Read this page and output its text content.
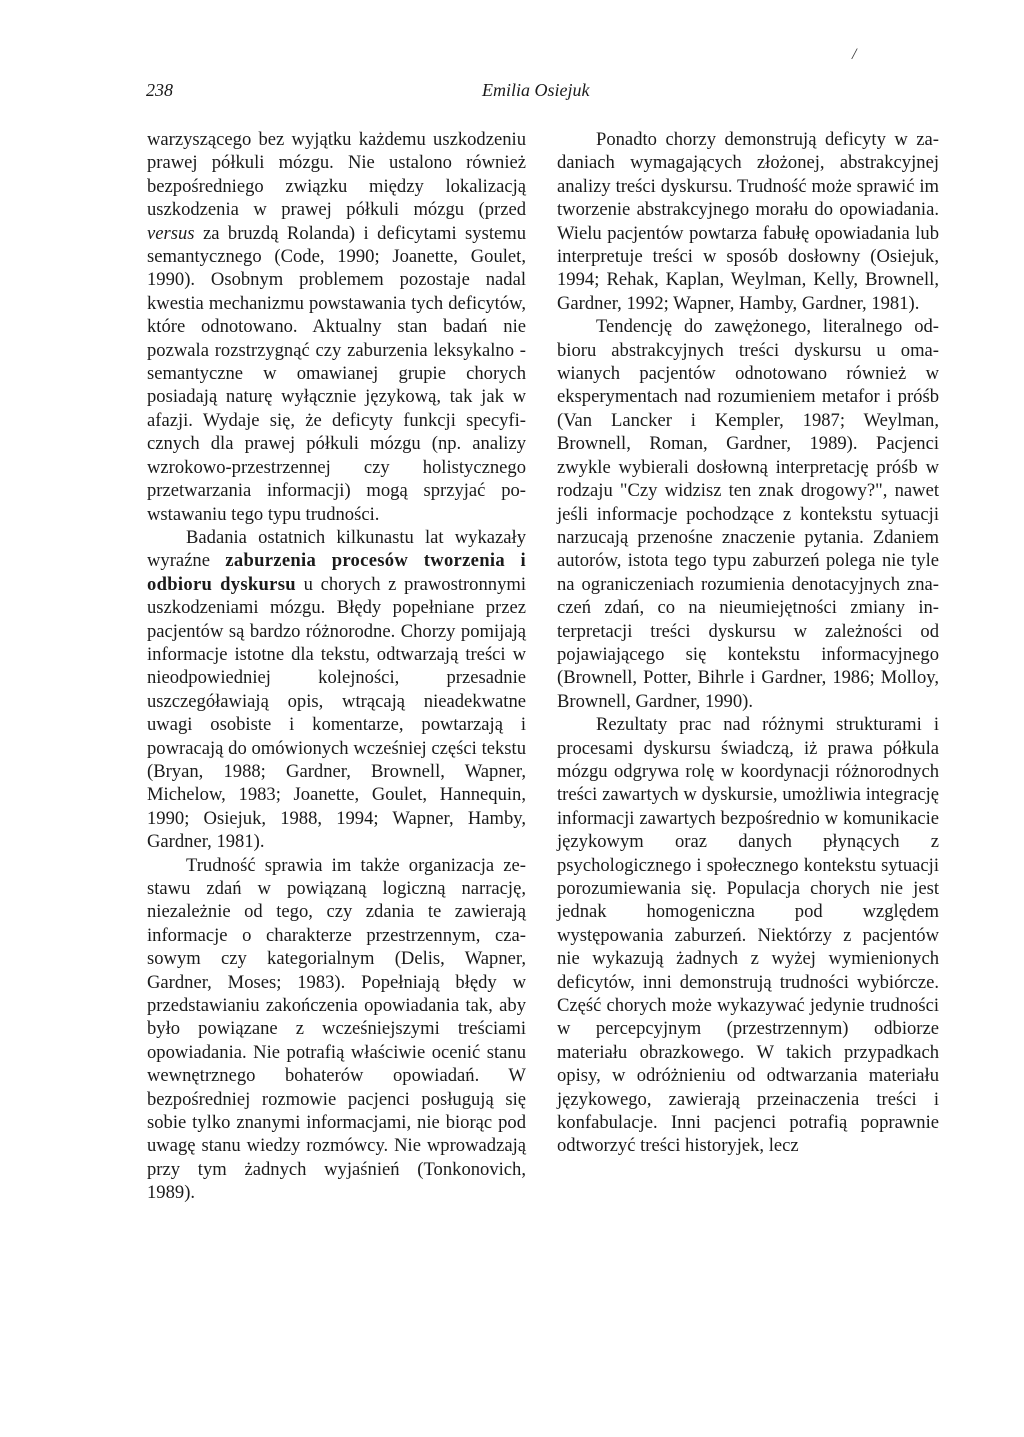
/
238	Emilia Osiejuk

warzyszącego bez wyjątku każdemu uszkodzeniu prawej półkuli mózgu. Nie ustalono również bezpośredniego związku między lokalizacją uszkodzenia w prawej półkuli mózgu (przed versus za bruzdą Rolanda) i deficytami systemu semantycznego (Code, 1990; Joanette, Goulet, 1990). Osobnym problemem pozostaje nadal kwestia mechanizmu powstawania tych deficytów, które odnotowano. Aktualny stan badań nie pozwala rozstrzygnąć czy zaburzenia leksykalno - semantyczne w omawianej grupie chorych posiadają naturę wyłącznie językową, tak jak w afazji. Wydaje się, że deficyty funkcji specyficznych dla prawej półkuli mózgu (np. analizy wzrokowo-przestrzennej czy holistycznego przetwarzania informacji) mogą sprzyjać powstawaniu tego typu trudności.

Badania ostatnich kilkunastu lat wykazały wyraźne zaburzenia procesów tworzenia i odbioru dyskursu u chorych z prawostronnymi uszkodzeniami mózgu. Błędy popełniane przez pacjentów są bardzo różnorodne. Chorzy pomijają informacje istotne dla tekstu, odtwarzają treści w nieodpowiedniej kolejności, przesadnie uszczegóławiają opis, wtrącają nieadekwatne uwagi osobiste i komentarze, powtarzają i powracają do omówionych wcześniej części tekstu (Bryan, 1988; Gardner, Brownell, Wapner, Michelow, 1983; Joanette, Goulet, Hannequin, 1990; Osiejuk, 1988, 1994; Wapner, Hamby, Gardner, 1981).

Trudność sprawia im także organizacja zestawu zdań w powiązaną logiczną narrację, niezależnie od tego, czy zdania te zawierają informacje o charakterze przestrzennym, czasowym czy kategorialnym (Delis, Wapner, Gardner, Moses; 1983). Popełniają błędy w przedstawianiu zakończenia opowiadania tak, aby było powiązane z wcześniejszymi treściami opowiadania. Nie potrafią właściwie ocenić stanu wewnętrznego bohaterów opowiadań. W bezpośredniej rozmowie pacjenci posługują się sobie tylko znanymi informacjami, nie biorąc pod uwagę stanu wiedzy rozmówcy. Nie wprowadzają przy tym żadnych wyjaśnień (Tonkonovich, 1989).

Ponadto chorzy demonstrują deficyty w zadaniach wymagających złożonej, abstrakcyjnej analizy treści dyskursu. Trudność może sprawić im tworzenie abstrakcyjnego morału do opowiadania. Wielu pacjentów powtarza fabułę opowiadania lub interpretuje treści w sposób dosłowny (Osiejuk, 1994; Rehak, Kaplan, Weylman, Kelly, Brownell, Gardner, 1992; Wapner, Hamby, Gardner, 1981).

Tendencję do zawężonego, literalnego odbioru abstrakcyjnych treści dyskursu u omawianych pacjentów odnotowano również w eksperymentach nad rozumieniem metafor i próśb (Van Lancker i Kempler, 1987; Weylman, Brownell, Roman, Gardner, 1989). Pacjenci zwykle wybierali dosłowną interpretację próśb w rodzaju "Czy widzisz ten znak drogowy?", nawet jeśli informacje pochodzące z kontekstu sytuacji narzucają przenośne znaczenie pytania. Zdaniem autorów, istota tego typu zaburzeń polega nie tyle na ograniczeniach rozumienia denotacyjnych znaczeń zdań, co na nieumiejętności zmiany interpretacji treści dyskursu w zależności od pojawiającego się kontekstu informacyjnego (Brownell, Potter, Bihrle i Gardner, 1986; Molloy, Brownell, Gardner, 1990).

Rezultaty prac nad różnymi strukturami i procesami dyskursu świadczą, iż prawa półkula mózgu odgrywa rolę w koordynacji różnorodnych treści zawartych w dyskursie, umożliwia integrację informacji zawartych bezpośrednio w komunikacie językowym oraz danych płynących z psychologicznego i społecznego kontekstu sytuacji porozumiewania się. Populacja chorych nie jest jednak homogeniczna pod względem występowania zaburzeń. Niektórzy z pacjentów nie wykazują żadnych z wyżej wymienionych deficytów, inni demonstrują trudności wybiórcze. Część chorych może wykazywać jedynie trudności w percepcyjnym (przestrzennym) odbiorze materiału obrazkowego. W takich przypadkach opisy, w odróżnieniu od odtwarzania materiału językowego, zawierają przeinaczenia treści i konfabulacje. Inni pacjenci potrafią poprawnie odtworzyć treści historyjek, lecz
